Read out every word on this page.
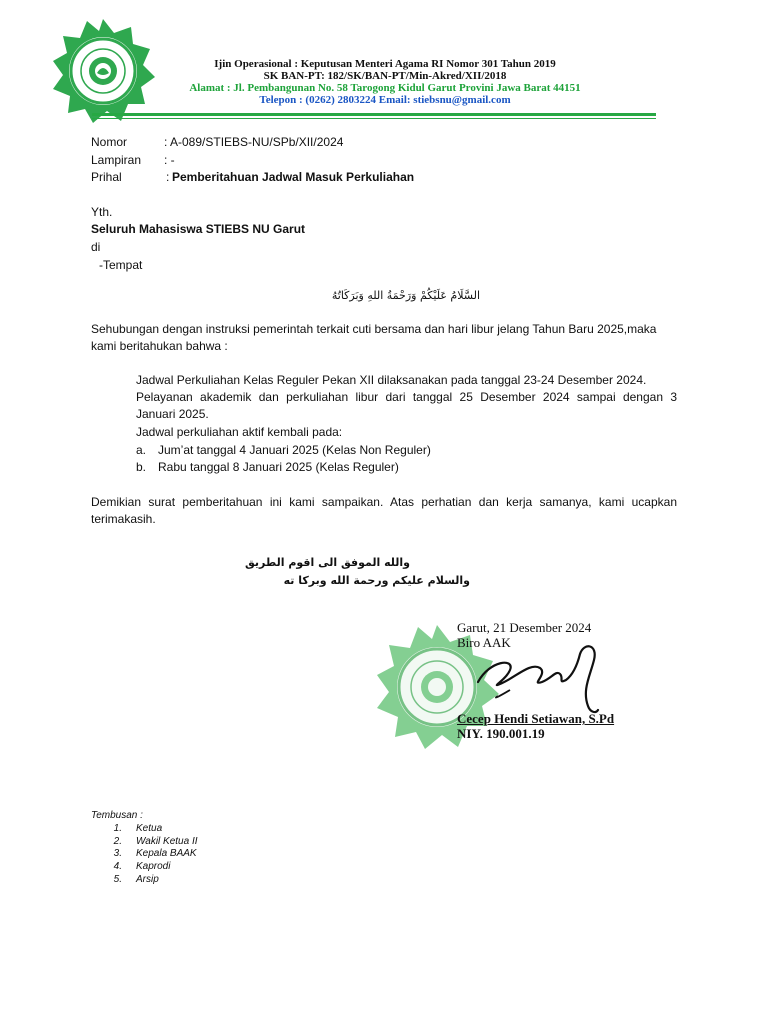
Ijin Operasional : Keputusan Menteri Agama RI Nomor 301 Tahun 2019
SK BAN-PT: 182/SK/BAN-PT/Min-Akred/XII/2018
Alamat : Jl. Pembangunan No. 58 Tarogong Kidul Garut Provini Jawa Barat 44151
Telepon : (0262) 2803224 Email: stiebsnu@gmail.com
Nomor	: A-089/STIEBS-NU/SPb/XII/2024
Lampiran : -
Prihal	: Pemberitahuan Jadwal Masuk Perkuliahan
Yth.
Seluruh Mahasiswa STIEBS NU Garut
di
-Tempat
السَّلَامُ عَلَيْكُمْ وَرَحْمَةُ اللهِ وَبَرَكَاتُهُ
Sehubungan dengan instruksi pemerintah terkait cuti bersama dan hari libur jelang Tahun Baru 2025,maka
kami beritahukan bahwa :
Jadwal Perkuliahan Kelas Reguler Pekan XII dilaksanakan pada tanggal 23-24 Desember 2024.
Pelayanan akademik dan perkuliahan libur dari tanggal 25 Desember 2024 sampai dengan 3
Januari 2025.
Jadwal perkuliahan aktif kembali pada:
a. Jum’at tanggal 4 Januari 2025 (Kelas Non Reguler)
b. Rabu tanggal 8 Januari 2025 (Kelas Reguler)
Demikian surat pemberitahuan ini kami sampaikan. Atas perhatian dan kerja samanya, kami ucapkan
terimakasih.
والله الموفق الى اقوم الطريق
والسلام عليكم ورحمة الله وبركا ته
Garut, 21 Desember 2024
Biro AAK
Cecep Hendi Setiawan, S.Pd
NIY. 190.001.19
Tembusan :
1. Ketua
2. Wakil Ketua II
3. Kepala BAAK
4. Kaprodi
5. Arsip
